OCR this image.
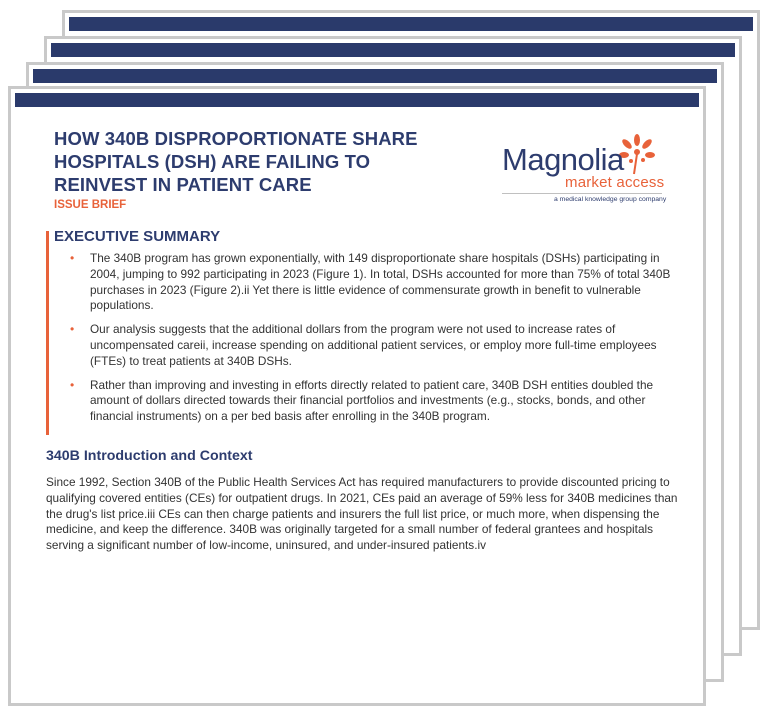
HOW 340B DISPROPORTIONATE SHARE
HOSPITALS (DSH) ARE FAILING TO
REINVEST IN PATIENT CARE
ISSUE BRIEF
Magnolia
market access
a medical knowledge group company
EXECUTIVE SUMMARY
• The 340B program has grown exponentially, with 149 disproportionate share hospitals (DSHs) participating in 2004, jumping to 992 participating in 2023 (Figure 1). In total, DSHs accounted for more than 75% of total 340B purchases in 2023 (Figure 2).ii Yet there is little evidence of commensurate growth in benefit to vulnerable populations.
• Our analysis suggests that the additional dollars from the program were not used to increase rates of uncompensated careii, increase spending on additional patient services, or employ more full-time employees (FTEs) to treat patients at 340B DSHs.
• Rather than improving and investing in efforts directly related to patient care, 340B DSH entities doubled the amount of dollars directed towards their financial portfolios and investments (e.g., stocks, bonds, and other financial instruments) on a per bed basis after enrolling in the 340B program.
340B Introduction and Context

Since 1992, Section 340B of the Public Health Services Act has required manufacturers to provide discounted pricing to qualifying covered entities (CEs) for outpatient drugs. In 2021, CEs paid an average of 59% less for 340B medicines than the drug's list price.iii CEs can then charge patients and insurers the full list price, or much more, when dispensing the medicine, and keep the difference. 340B was originally targeted for a small number of federal grantees and hospitals serving a significant number of low-income, uninsured, and under-insured patients.iv
